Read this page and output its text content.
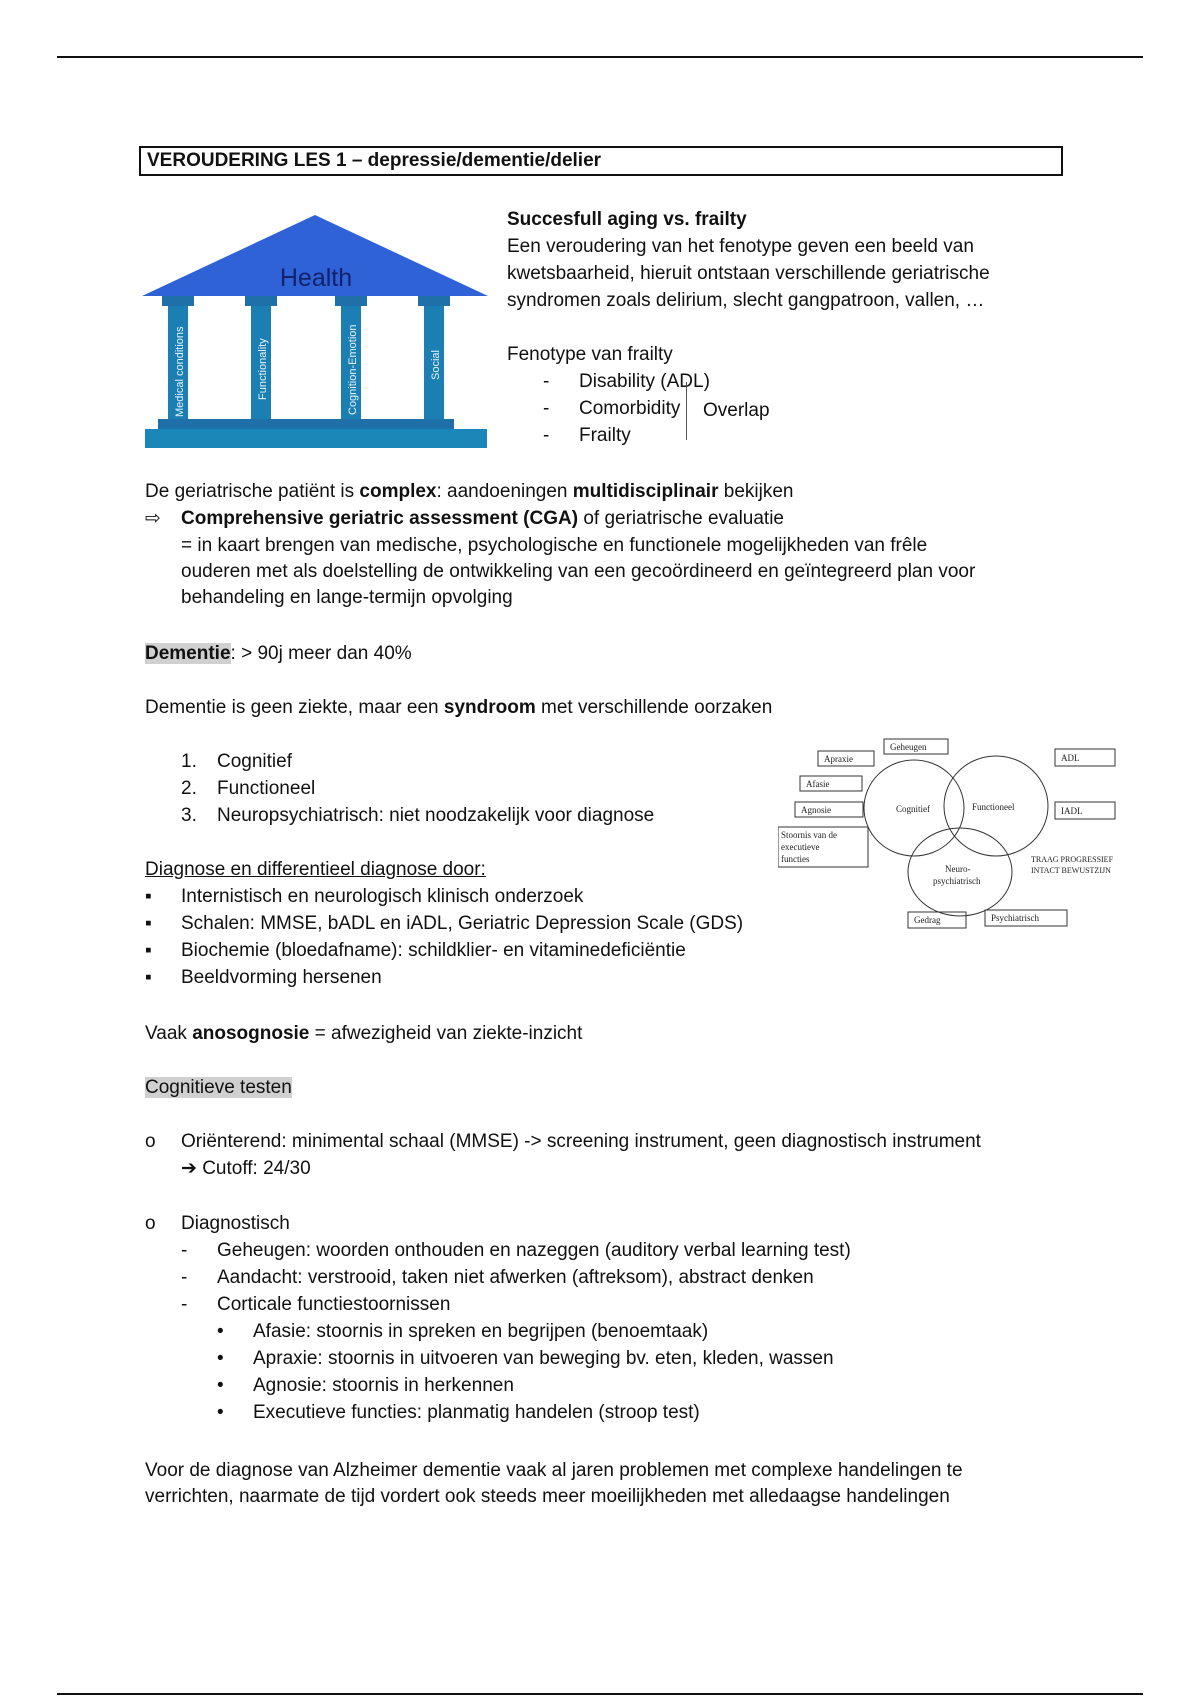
VEROUDERING LES 1 – depressie/dementie/delier
Health
Medical conditions	Functionality	Cognition-Emotion	Social
Succesfull aging vs. frailty
Een veroudering van het fenotype geven een beeld van
kwetsbaarheid, hieruit ontstaan verschillende geriatrische
syndromen zoals delirium, slecht gangpatroon, vallen, …
Fenotype van frailty
- Disability (ADL)
- Comorbidity
- Frailty
Overlap
De geriatrische patiënt is complex: aandoeningen multidisciplinair bekijken
⇨ Comprehensive geriatric assessment (CGA) of geriatrische evaluatie
= in kaart brengen van medische, psychologische en functionele mogelijkheden van frêle
ouderen met als doelstelling de ontwikkeling van een gecoördineerd en geïntegreerd plan voor
behandeling en lange-termijn opvolging
Dementie: > 90j meer dan 40%
Dementie is geen ziekte, maar een syndroom met verschillende oorzaken
1. Cognitief
2. Functioneel
3. Neuropsychiatrisch: niet noodzakelijk voor diagnose
Diagnose en differentieel diagnose door:
▪ Internistisch en neurologisch klinisch onderzoek
▪ Schalen: MMSE, bADL en iADL, Geriatric Depression Scale (GDS)
▪ Biochemie (bloedafname): schildklier- en vitaminedeficiëntie
▪ Beeldvorming hersenen
Vaak anosognosie = afwezigheid van ziekte-inzicht
Apraxie
Geheugen
Afasie
Agnosie
Stoornis van de
executieve
functies
ADL
IADL
Gedrag	Psychiatrisch
Cognitief	Functioneel
Neuro-
psychiatrisch
TRAAG PROGRESSIEF
INTACT BEWUSTZIJN
Cognitieve testen
o Oriënterend: minimental schaal (MMSE) -> screening instrument, geen diagnostisch instrument
➔ Cutoff: 24/30
o Diagnostisch
- Geheugen: woorden onthouden en nazeggen (auditory verbal learning test)
- Aandacht: verstrooid, taken niet afwerken (aftreksom), abstract denken
- Corticale functiestoornissen
• Afasie: stoornis in spreken en begrijpen (benoemtaak)
• Apraxie: stoornis in uitvoeren van beweging bv. eten, kleden, wassen
• Agnosie: stoornis in herkennen
• Executieve functies: planmatig handelen (stroop test)
Voor de diagnose van Alzheimer dementie vaak al jaren problemen met complexe handelingen te
verrichten, naarmate de tijd vordert ook steeds meer moeilijkheden met alledaagse handelingen
